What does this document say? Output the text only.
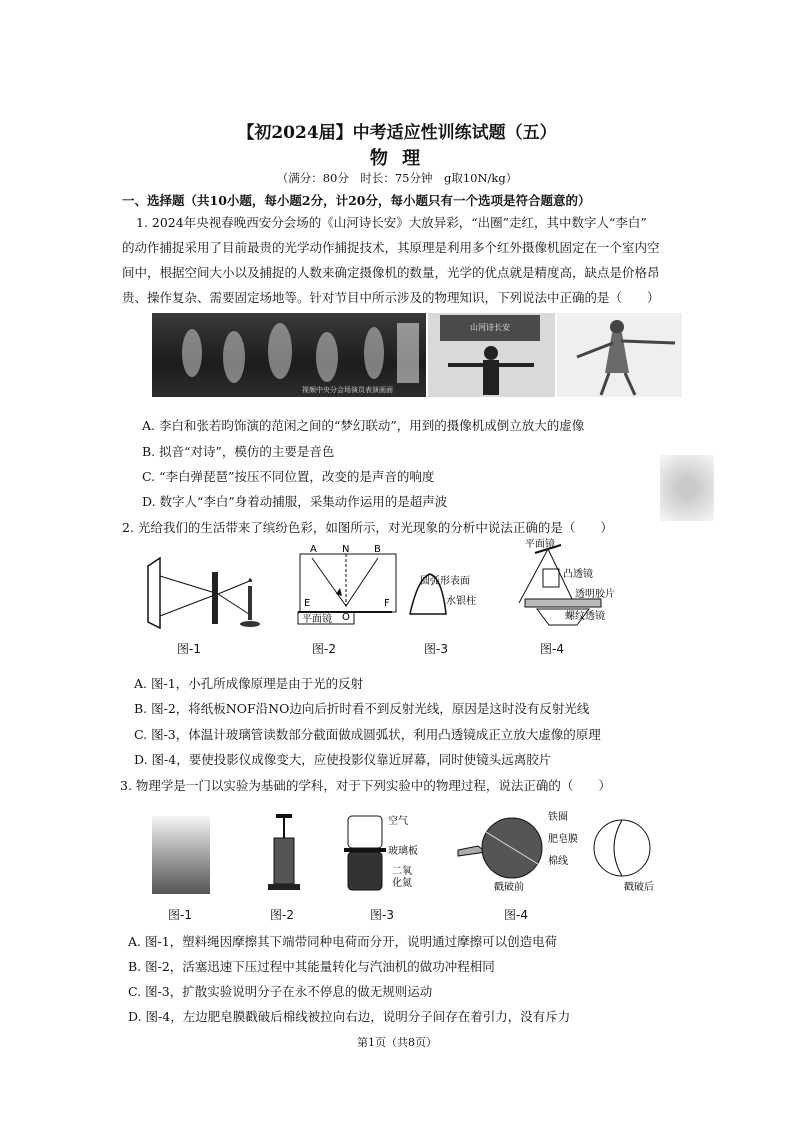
【初2024届】中考适应性训练试题（五）
物 理
（满分：80分　时长：75分钟　g取10N/kg）
一、选择题（共10小题，每小题2分，计20分，每小题只有一个选项是符合题意的）
1. 2024年央视春晚西安分会场的《山河诗长安》大放异彩，“出圈”走红，其中数字人“李白”
的动作捕捉采用了目前最贵的光学动作捕捉技术，其原理是利用多个红外摄像机固定在一个室内空
间中，根据空间大小以及捕捉的人数来确定摄像机的数量，光学的优点就是精度高，缺点是价格昂
贵、操作复杂、需要固定场地等。针对节目中所示涉及的物理知识，下列说法中正确的是（　　）
视频中央分会场演员表演画面
山河诗长安
A. 李白和张若昀饰演的范闲之间的“梦幻联动”，用到的摄像机成倒立放大的虚像
B. 拟音“对诗”，模仿的主要是音色
C. “李白弹琵琶”按压不同位置，改变的是声音的响度
D. 数字人“李白”身着动捕服，采集动作运用的是超声波
2. 光给我们的生活带来了缤纷色彩，如图所示，对光现象的分析中说法正确的是（　　）
图-1
A	N B
E
O
F
平面镜
图-2
圆弧形表面
水银柱
图-3
平面镜
凸透镜
透明胶片
螺纹透镜
图-4
A. 图-1，小孔所成像原理是由于光的反射
B. 图-2，将纸板NOF沿NO边向后折时看不到反射光线，原因是这时没有反射光线
C. 图-3，体温计玻璃管读数部分截面做成圆弧状，利用凸透镜成正立放大虚像的原理
D. 图-4，要使投影仪成像变大，应使投影仪靠近屏幕，同时使镜头远离胶片
3. 物理学是一门以实验为基础的学科，对于下列实验中的物理过程，说法正确的（　　）
图-1	图-2
空气
玻璃板
二氧
化氮
图-3
铁圈
肥皂膜
棉线
戳破前	戳破后
图-4
A. 图-1，塑料绳因摩擦其下端带同种电荷而分开，说明通过摩擦可以创造电荷
B. 图-2，活塞迅速下压过程中其能量转化与汽油机的做功冲程相同
C. 图-3，扩散实验说明分子在永不停息的做无规则运动
D. 图-4，左边肥皂膜戳破后棉线被拉向右边，说明分子间存在着引力，没有斥力
第1页（共8页）
